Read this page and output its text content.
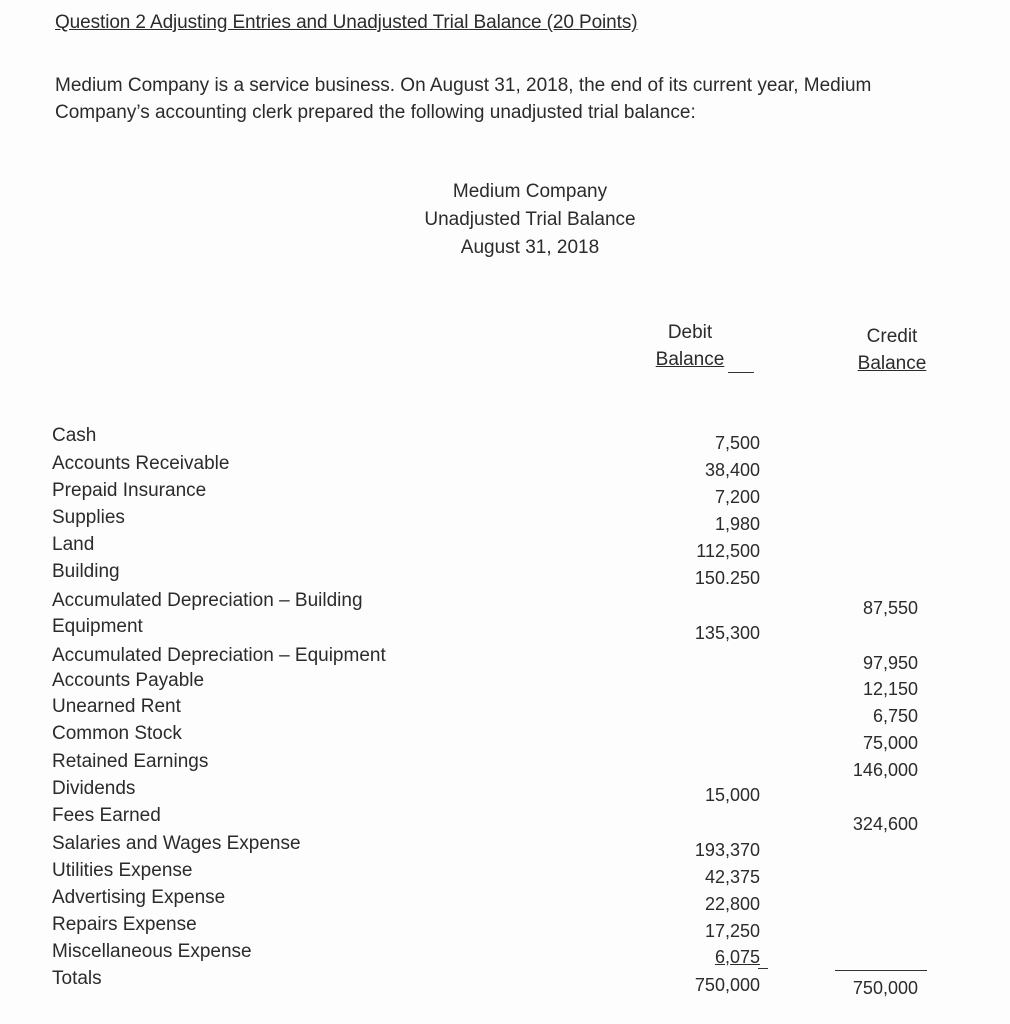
Question 2 Adjusting Entries and Unadjusted Trial Balance (20 Points)
Medium Company is a service business. On August 31, 2018, the end of its current year, Medium
Company’s accounting clerk prepared the following unadjusted trial balance:
Medium Company
Unadjusted Trial Balance
August 31, 2018
Debit
Balance
Credit
Balance
Cash
Accounts Receivable
Prepaid Insurance
Supplies
Land
Building
Accumulated Depreciation – Building
Equipment
Accumulated Depreciation – Equipment
Accounts Payable
Unearned Rent
Common Stock
Retained Earnings
Dividends
Fees Earned
Salaries and Wages Expense
Utilities Expense
Advertising Expense
Repairs Expense
Miscellaneous Expense
Totals
7,500
38,400
7,200
1,980
112,500
150.250
135,300
15,000
193,370
42,375
22,800
17,250
6,075
750,000
87,550
97,950
12,150
6,750
75,000
146,000
324,600
750,000
